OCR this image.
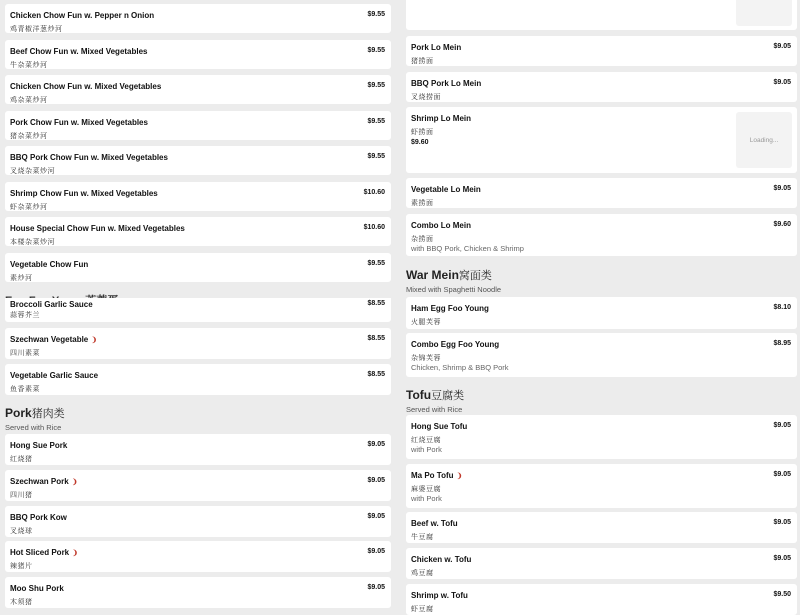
Chicken Chow Fun w. Pepper n Onion
鸡青椒洋葱炒河
$9.55
Beef Chow Fun w. Mixed Vegetables
牛杂菜炒河
$9.55
Chicken Chow Fun w. Mixed Vegetables
鸡杂菜炒河
$9.55
Pork Chow Fun w. Mixed Vegetables
猪杂菜炒河
$9.55
BBQ Pork Chow Fun w. Mixed Vegetables
叉烧杂菜炒河
$9.55
Shrimp Chow Fun w. Mixed Vegetables
虾杂菜炒河
$10.60
House Special Chow Fun w. Mixed Vegetables
本楼杂菜炒河
$10.60
Vegetable Chow Fun
素炒河
$9.55
Broccoli Garlic Sauce
蒜蓉芥兰
$8.55
Szechwan Vegetable ❩
四川素菜
$8.55
Vegetable Garlic Sauce
鱼香素菜
$8.55
Pork猪肉类
Served with Rice
Hong Sue Pork
红烧猪
$9.05
Szechwan Pork ❩
四川猪
$9.05
BBQ Pork Kow
叉烧球
$9.05
Hot Sliced Pork ❩
辣猪片
$9.05
Moo Shu Pork
木须猪
$9.05
Pork Lo Mein
猪捞面
$9.05
BBQ Pork Lo Mein
叉烧捞面
$9.05
Shrimp Lo Mein
虾捞面
$9.60	Loading...
Vegetable Lo Mein
素捞面
$9.05
Combo Lo Mein
杂捞面
with BBQ Pork, Chicken & Shrimp
$9.60
War Mein窝面类
Mixed with Spaghetti Noodle
Ham Egg Foo Young
火腿芙蓉
$8.10
Combo Egg Foo Young
杂锦芙蓉
Chicken, Shrimp & BBQ Pork
$8.95
Tofu豆腐类
Served with Rice
Hong Sue Tofu
红烧豆腐
with Pork
$9.05
Ma Po Tofu ❩
麻婆豆腐
with Pork
$9.05
Beef w. Tofu
牛豆腐
$9.05
Chicken w. Tofu
鸡豆腐
$9.05
Shrimp w. Tofu
虾豆腐
$9.50
